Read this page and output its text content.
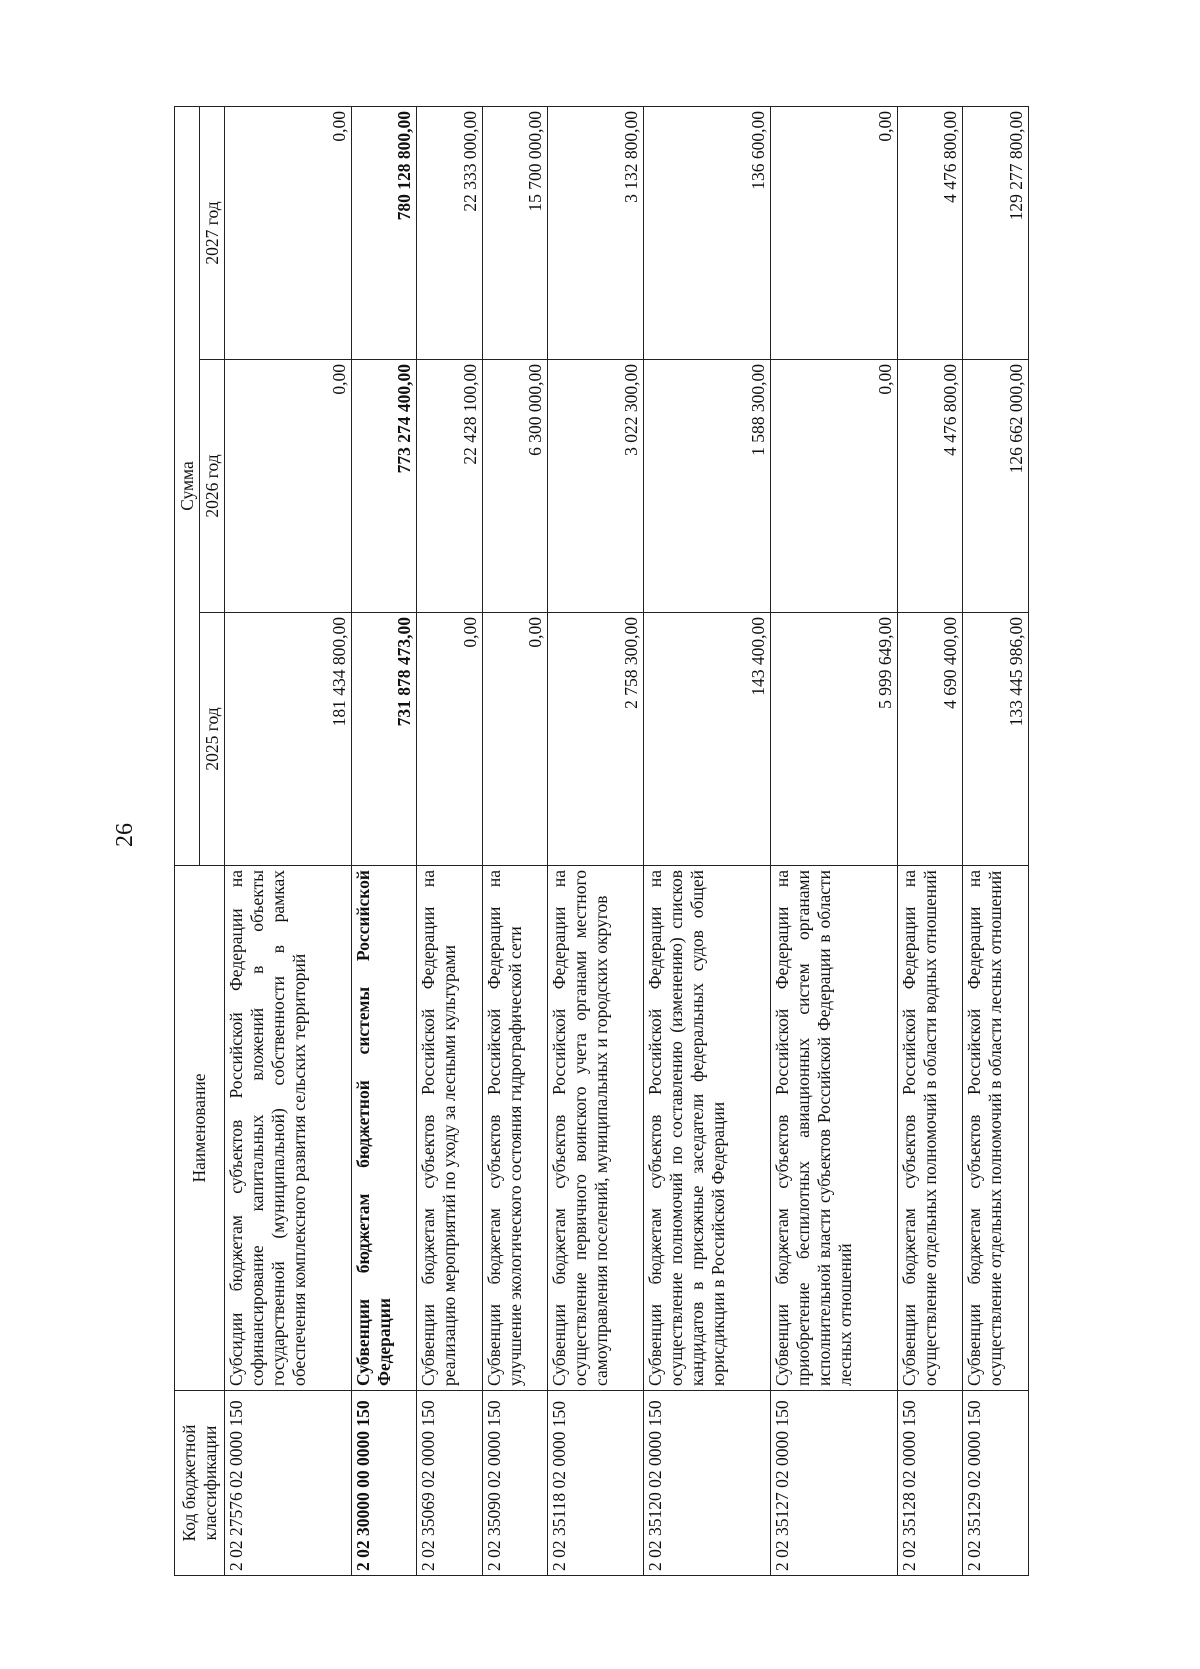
26
Код бюджетной классификации	Наименование	Сумма		
		2025 год	2026 год	2027 год
2 02 27576 02 0000 150	Субсидии бюджетам субъектов Российской Федерации на софинансирование капитальных вложений в объекты государственной (муниципальной) собственности в рамках обеспечения комплексного развития сельских территорий	181 434 800,00	0,00	0,00
2 02 30000 00 0000 150	Субвенции бюджетам бюджетной системы Российской Федерации	731 878 473,00	773 274 400,00	780 128 800,00
2 02 35069 02 0000 150	Субвенции бюджетам субъектов Российской Федерации на реализацию мероприятий по уходу за лесными культурами	0,00	22 428 100,00	22 333 000,00
2 02 35090 02 0000 150	Субвенции бюджетам субъектов Российской Федерации на улучшение экологического состояния гидрографической сети	0,00	6 300 000,00	15 700 000,00
2 02 35118 02 0000 150	Субвенции бюджетам субъектов Российской Федерации на осуществление первичного воинского учета органами местного самоуправления поселений, муниципальных и городских округов	2 758 300,00	3 022 300,00	3 132 800,00
2 02 35120 02 0000 150	Субвенции бюджетам субъектов Российской Федерации на осуществление полномочий по составлению (изменению) списков кандидатов в присяжные заседатели федеральных судов общей юрисдикции в Российской Федерации	143 400,00	1 588 300,00	136 600,00
2 02 35127 02 0000 150	Субвенции бюджетам субъектов Российской Федерации на приобретение беспилотных авиационных систем органами исполнительной власти субъектов Российской Федерации в области лесных отношений	5 999 649,00	0,00	0,00
2 02 35128 02 0000 150	Субвенции бюджетам субъектов Российской Федерации на осуществление отдельных полномочий в области водных отношений	4 690 400,00	4 476 800,00	4 476 800,00
2 02 35129 02 0000 150	Субвенции бюджетам субъектов Российской Федерации на осуществление отдельных полномочий в области лесных отношений	133 445 986,00	126 662 000,00	129 277 800,00
